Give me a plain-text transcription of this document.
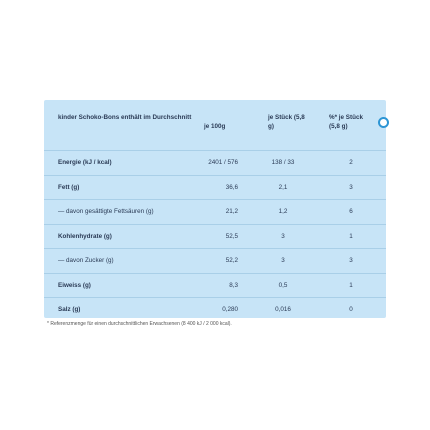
kinder Schoko-Bons enthält im Durchschnitt
je 100g
je Stück (5,8 g)
%* je Stück (5,8 g)
Energie (kJ / kcal)	2401 / 576	138 / 33	2
Fett (g)	36,6	2,1	3
— davon gesättigte Fettsäuren (g)	21,2	1,2	6
Kohlenhydrate (g)	52,5	3	1
— davon Zucker (g)	52,2	3	3
Eiweiss (g)	8,3	0,5	1
Salz (g)	0,280	0,016	0
* Referenzmenge für einen durchschnittlichen Erwachsenen (8 400 kJ / 2 000 kcal).
